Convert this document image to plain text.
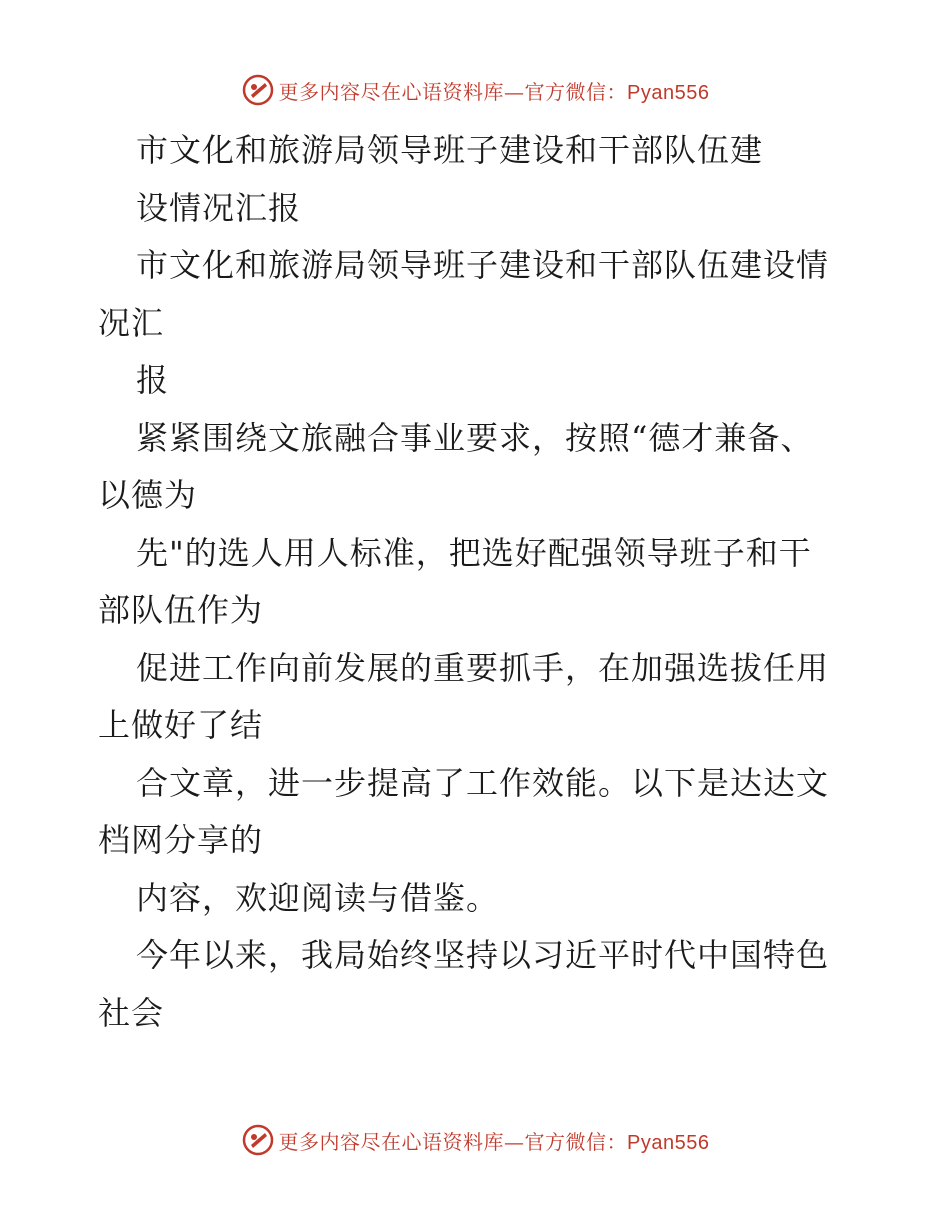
更多内容尽在心语资料库—官方微信：Pyan556
市文化和旅游局领导班子建设和干部队伍建
设情况汇报
市文化和旅游局领导班子建设和干部队伍建设情
况汇
报
紧紧围绕文旅融合事业要求，按照“德才兼备、
以德为
先"的选人用人标准，把选好配强领导班子和干
部队伍作为
促进工作向前发展的重要抓手，在加强选拔任用
上做好了结
合文章，进一步提高了工作效能。以下是达达文
档网分享的
内容，欢迎阅读与借鉴。
今年以来，我局始终坚持以习近平时代中国特色
社会
更多内容尽在心语资料库—官方微信：Pyan556
